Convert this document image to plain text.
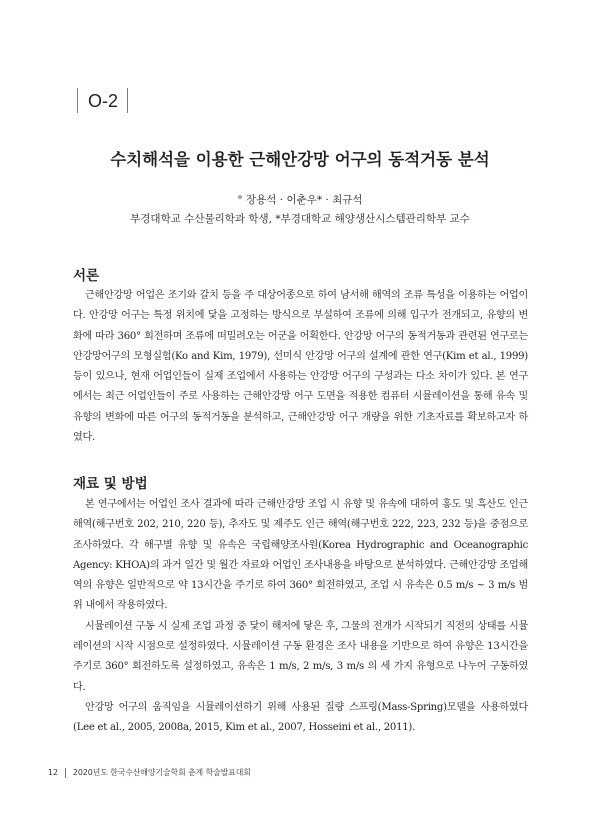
O-2
수치해석을 이용한 근해안강망 어구의 동적거동 분석
° 장용석 · 이춘우* · 최규석
부경대학교 수산물리학과 학생, *부경대학교 해양생산시스템관리학부 교수
서론

근해안강망 어업은 조기와 갈치 등을 주 대상어종으로 하여 남서해 해역의 조류 특성을 이용하는 어업이다. 안강망 어구는 특정 위치에 닻을 고정하는 방식으로 부설하여 조류에 의해 입구가 전개되고, 유향의 변화에 따라 360° 회전하며 조류에 떠밀려오는 어군을 어획한다. 안강망 어구의 동적거동과 관련된 연구로는 안강망어구의 모형실험(Ko and Kim, 1979), 선미식 안강망 어구의 설계에 관한 연구(Kim et al., 1999) 등이 있으나, 현재 어업인들이 실제 조업에서 사용하는 안강망 어구의 구성과는 다소 차이가 있다. 본 연구에서는 최근 어업인들이 주로 사용하는 근해안강망 어구 도면을 적용한 컴퓨터 시뮬레이션을 통해 유속 및 유향의 변화에 따른 어구의 동적거동을 분석하고, 근해안강망 어구 개량을 위한 기초자료를 확보하고자 하였다.

재료 및 방법

본 연구에서는 어업인 조사 결과에 따라 근해안강망 조업 시 유향 및 유속에 대하여 홍도 및 흑산도 인근 해역(해구번호 202, 210, 220 등), 추자도 및 제주도 인근 해역(해구번호 222, 223, 232 등)을 중점으로 조사하였다. 각 해구별 유향 및 유속은 국립해양조사원(Korea Hydrographic and Oceanographic Agency: KHOA)의 과거 일간 및 월간 자료와 어업인 조사내용을 바탕으로 분석하였다. 근해안강망 조업해역의 유향은 일반적으로 약 13시간을 주기로 하여 360° 회전하였고, 조업 시 유속은 0.5 m/s ~ 3 m/s 범위 내에서 작용하였다.

시뮬레이션 구동 시 실제 조업 과정 중 닻이 해저에 닿은 후, 그물의 전개가 시작되기 직전의 상태를 시뮬레이션의 시작 시점으로 설정하였다. 시뮬레이션 구동 환경은 조사 내용을 기반으로 하여 유향은 13시간을 주기로 360° 회전하도록 설정하였고, 유속은 1 m/s, 2 m/s, 3 m/s 의 세 가지 유형으로 나누어 구동하였다.

안강망 어구의 움직임을 시뮬레이션하기 위해 사용된 질량 스프링(Mass-Spring)모델을 사용하였다(Lee et al., 2005, 2008a, 2015, Kim et al., 2007, Hosseini et al., 2011).

12 2020년도 한국수산해양기술학회 춘계 학술발표대회
